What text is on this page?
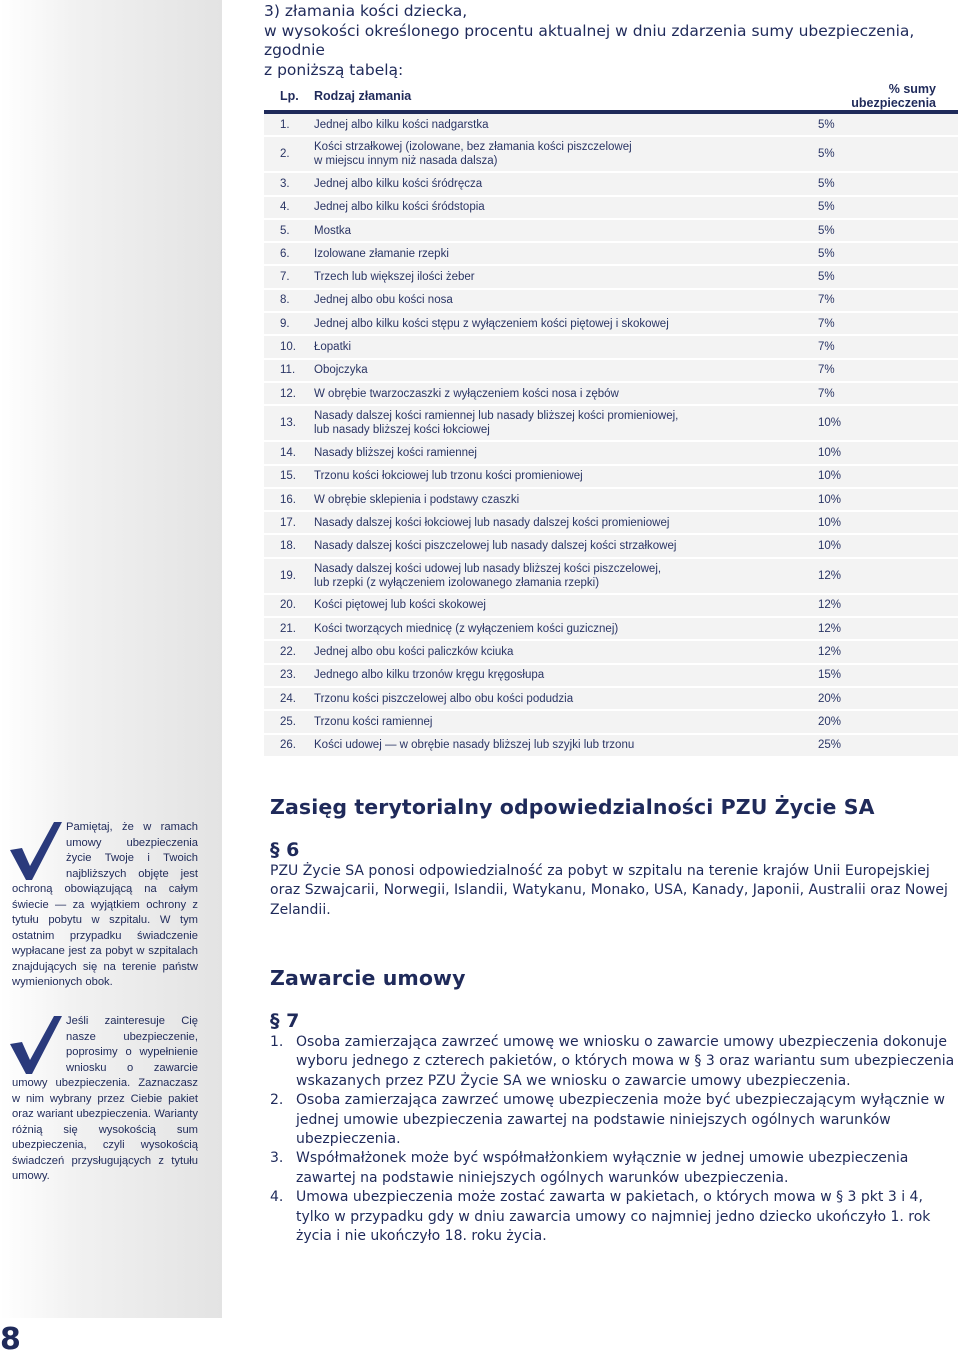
3) złamania kości dziecka,
w wysokości określonego procentu aktualnej w dniu zdarzenia sumy ubezpieczenia, zgodnie
z poniższą tabelą:
Lp.	Rodzaj złamania	% sumy ubezpieczenia
1.	Jednej albo kilku kości nadgarstka	5%
2.	Kości strzałkowej (izolowane, bez złamania kości piszczelowej
w miejscu innym niż nasada dalsza)	5%
3.	Jednej albo kilku kości śródręcza	5%
4.	Jednej albo kilku kości śródstopia	5%
5.	Mostka	5%
6.	Izolowane złamanie rzepki	5%
7.	Trzech lub większej ilości żeber	5%
8.	Jednej albo obu kości nosa	7%
9.	Jednej albo kilku kości stępu z wyłączeniem kości piętowej i skokowej	7%
10.	Łopatki	7%
11.	Obojczyka	7%
12.	W obrębie twarzoczaszki z wyłączeniem kości nosa i zębów	7%
13.	Nasady dalszej kości ramiennej lub nasady bliższej kości promieniowej,
lub nasady bliższej kości łokciowej	10%
14.	Nasady bliższej kości ramiennej	10%
15.	Trzonu kości łokciowej lub trzonu kości promieniowej	10%
16.	W obrębie sklepienia i podstawy czaszki	10%
17.	Nasady dalszej kości łokciowej lub nasady dalszej kości promieniowej	10%
18.	Nasady dalszej kości piszczelowej lub nasady dalszej kości strzałkowej	10%
19.	Nasady dalszej kości udowej lub nasady bliższej kości piszczelowej,
lub rzepki (z wyłączeniem izolowanego złamania rzepki)	12%
20.	Kości piętowej lub kości skokowej	12%
21.	Kości tworzących miednicę (z wyłączeniem kości guzicznej)	12%
22.	Jednej albo obu kości paliczków kciuka	12%
23.	Jednego albo kilku trzonów kręgu kręgosłupa	15%
24.	Trzonu kości piszczelowej albo obu kości podudzia	20%
25.	Trzonu kości ramiennej	20%
26.	Kości udowej — w obrębie nasady bliższej lub szyjki lub trzonu	25%
Zasięg terytorialny odpowiedzialności PZU Życie SA
§ 6

PZU Życie SA ponosi odpowiedzialność za pobyt w szpitalu na terenie krajów Unii Europejskiej oraz Szwajcarii, Norwegii, Islandii, Watykanu, Monako, USA, Kanady, Japonii, Australii oraz Nowej Zelandii.

Zawarcie umowy
§ 7
1. Osoba zamierzająca zawrzeć umowę we wniosku o zawarcie umowy ubezpieczenia dokonuje wyboru jednego z czterech pakietów, o których mowa w § 3 oraz wariantu sum ubezpieczenia wskazanych przez PZU Życie SA we wniosku o zawarcie umowy ubezpieczenia.
2. Osoba zamierzająca zawrzeć umowę ubezpieczenia może być ubezpieczającym wyłącznie w jednej umowie ubezpieczenia zawartej na podstawie niniejszych ogólnych warunków ubezpieczenia.
3. Współmałżonek może być współmałżonkiem wyłącznie w jednej umowie ubezpieczenia zawartej na podstawie niniejszych ogólnych warunków ubezpieczenia.
4. Umowa ubezpieczenia może zostać zawarta w pakietach, o których mowa w § 3 pkt 3 i 4, tylko w przypadku gdy w dniu zawarcia umowy co najmniej jedno dziecko ukończyło 1. rok życia i nie ukończyło 18. roku życia.
Pamiętaj, że w ramach umowy ubezpieczenia życie Twoje i Twoich najbliższych objęte jest ochroną obowiązującą na całym świecie — za wyjątkiem ochrony z tytułu pobytu w szpitalu. W tym ostatnim przypadku świadczenie wypłacane jest za pobyt w szpitalach znajdujących się na terenie państw wymienionych obok.
Jeśli zainteresuje Cię nasze ubezpieczenie, poprosimy o wypełnienie wniosku o zawarcie umowy ubezpieczenia. Zaznaczasz w nim wybrany przez Ciebie pakiet oraz wariant ubezpieczenia. Warianty różnią się wysokością sum ubezpieczenia, czyli wysokością świadczeń przysługujących z tytułu umowy.
8
